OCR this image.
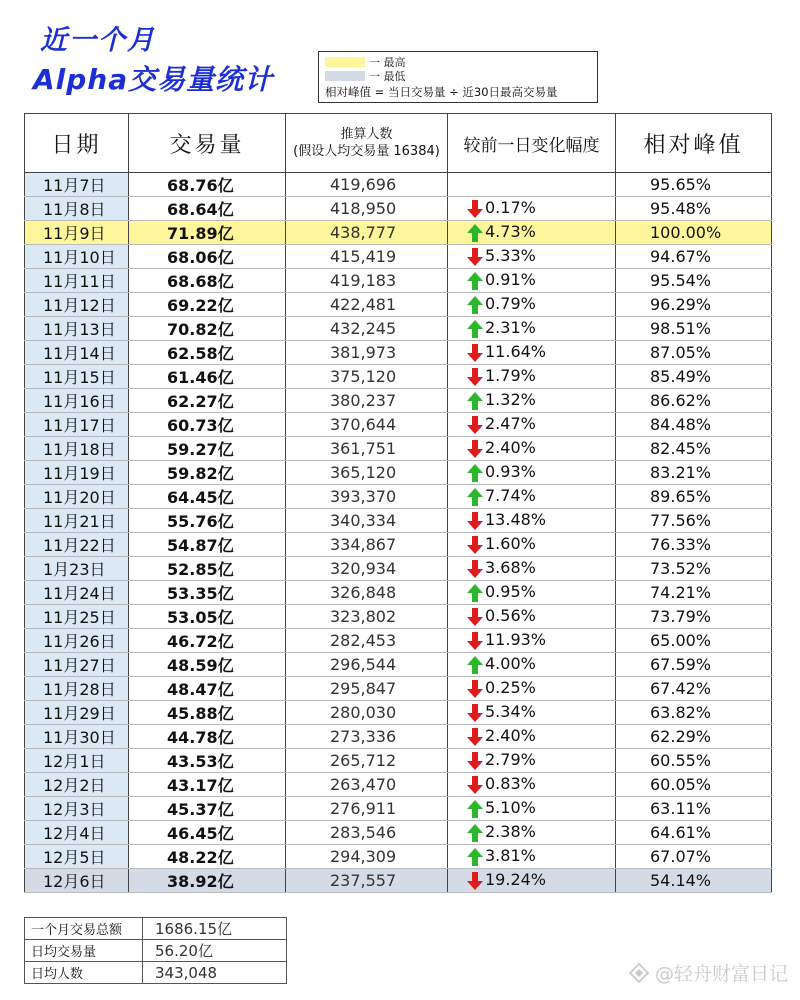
近一个月
Alpha交易量统计
一 最高
一 最低
相对峰值 = 当日交易量 ÷ 近30日最高交易量
日期	交易量	推算人数
(假设人均交易量 16384)	较前一日变化幅度	相对峰值
11月7日	68.76亿	419,696		95.65%
11月8日	68.64亿	418,950	0.17%	95.48%
11月9日	71.89亿	438,777	4.73%	100.00%
11月10日	68.06亿	415,419	5.33%	94.67%
11月11日	68.68亿	419,183	0.91%	95.54%
11月12日	69.22亿	422,481	0.79%	96.29%
11月13日	70.82亿	432,245	2.31%	98.51%
11月14日	62.58亿	381,973	11.64%	87.05%
11月15日	61.46亿	375,120	1.79%	85.49%
11月16日	62.27亿	380,237	1.32%	86.62%
11月17日	60.73亿	370,644	2.47%	84.48%
11月18日	59.27亿	361,751	2.40%	82.45%
11月19日	59.82亿	365,120	0.93%	83.21%
11月20日	64.45亿	393,370	7.74%	89.65%
11月21日	55.76亿	340,334	13.48%	77.56%
11月22日	54.87亿	334,867	1.60%	76.33%
1月23日	52.85亿	320,934	3.68%	73.52%
11月24日	53.35亿	326,848	0.95%	74.21%
11月25日	53.05亿	323,802	0.56%	73.79%
11月26日	46.72亿	282,453	11.93%	65.00%
11月27日	48.59亿	296,544	4.00%	67.59%
11月28日	48.47亿	295,847	0.25%	67.42%
11月29日	45.88亿	280,030	5.34%	63.82%
11月30日	44.78亿	273,336	2.40%	62.29%
12月1日	43.53亿	265,712	2.79%	60.55%
12月2日	43.17亿	263,470	0.83%	60.05%
12月3日	45.37亿	276,911	5.10%	63.11%
12月4日	46.45亿	283,546	2.38%	64.61%
12月5日	48.22亿	294,309	3.81%	67.07%
12月6日	38.92亿	237,557	19.24%	54.14%
一个月交易总额	1686.15亿
日均交易量	56.20亿
日均人数	343,048	@轻舟财富日记
